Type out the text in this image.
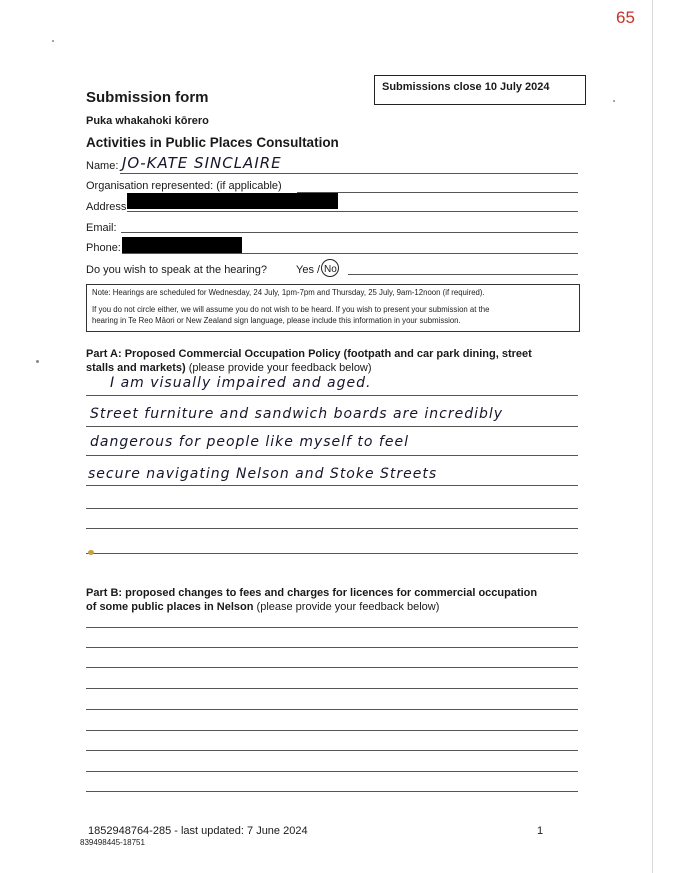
65
Submissions close 10 July 2024
Submission form
Puka whakahoki kōrero
Activities in Public Places Consultation
Name: JO-KATE SINCLAIRE
Organisation represented: (if applicable)
Address
Email:
Phone:
Do you wish to speak at the hearing?	Yes / No
Note: Hearings are scheduled for Wednesday, 24 July, 1pm-7pm and Thursday, 25 July, 9am-12noon (if required).
If you do not circle either, we will assume you do not wish to be heard. If you wish to present your submission at the
hearing in Te Reo Māori or New Zealand sign language, please include this information in your submission.
Part A: Proposed Commercial Occupation Policy (footpath and car park dining, street
stalls and markets) (please provide your feedback below)
I am visually impaired and aged.
Street furniture and sandwich boards are incredibly
dangerous for people like myself to feel
secure navigating Nelson and Stoke Streets
Part B: proposed changes to fees and charges for licences for commercial occupation
of some public places in Nelson (please provide your feedback below)
1852948764-285 - last updated: 7 June 2024
839498445-18751
1
